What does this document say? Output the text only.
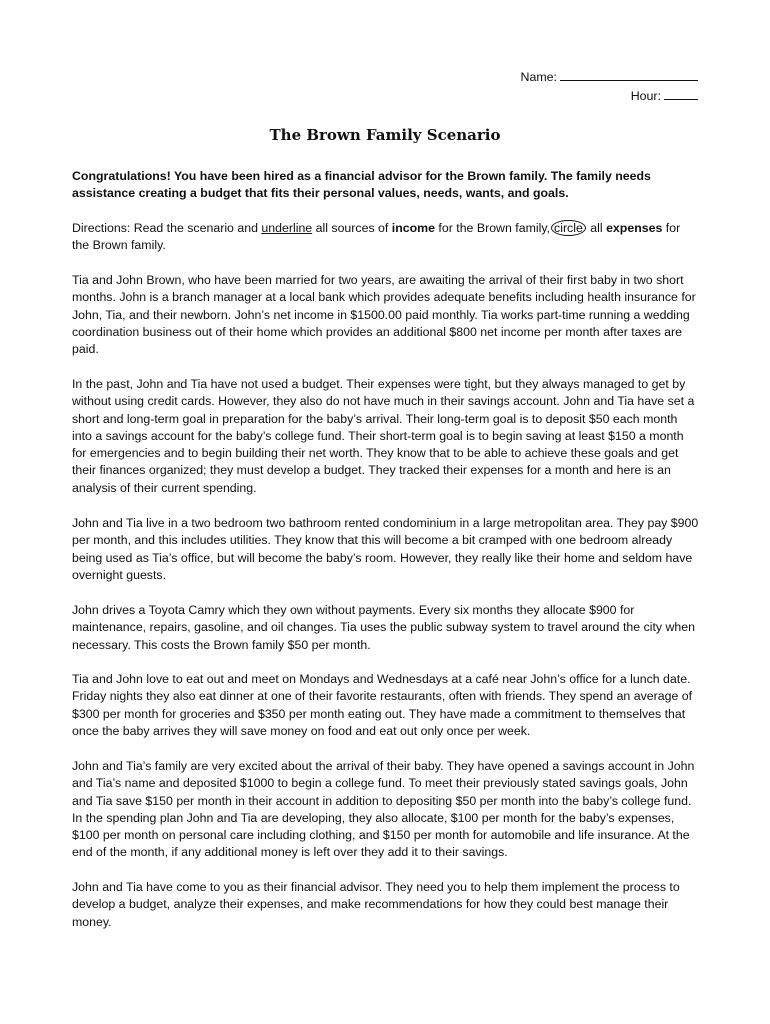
Name:
Hour:
The Brown Family Scenario

Congratulations! You have been hired as a financial advisor for the Brown family. The family needs assistance creating a budget that fits their personal values, needs, wants, and goals.

Directions: Read the scenario and underline all sources of income for the Brown family, circle all expenses for the Brown family.

Tia and John Brown, who have been married for two years, are awaiting the arrival of their first baby in two short months. John is a branch manager at a local bank which provides adequate benefits including health insurance for John, Tia, and their newborn. John’s net income in $1500.00 paid monthly. Tia works part-time running a wedding coordination business out of their home which provides an additional $800 net income per month after taxes are paid.

In the past, John and Tia have not used a budget. Their expenses were tight, but they always managed to get by without using credit cards. However, they also do not have much in their savings account. John and Tia have set a short and long-term goal in preparation for the baby’s arrival. Their long-term goal is to deposit $50 each month into a savings account for the baby’s college fund. Their short-term goal is to begin saving at least $150 a month for emergencies and to begin building their net worth. They know that to be able to achieve these goals and get their finances organized; they must develop a budget. They tracked their expenses for a month and here is an analysis of their current spending.

John and Tia live in a two bedroom two bathroom rented condominium in a large metropolitan area. They pay $900 per month, and this includes utilities. They know that this will become a bit cramped with one bedroom already being used as Tia’s office, but will become the baby’s room. However, they really like their home and seldom have overnight guests.

John drives a Toyota Camry which they own without payments. Every six months they allocate $900 for maintenance, repairs, gasoline, and oil changes. Tia uses the public subway system to travel around the city when necessary. This costs the Brown family $50 per month.

Tia and John love to eat out and meet on Mondays and Wednesdays at a café near John’s office for a lunch date. Friday nights they also eat dinner at one of their favorite restaurants, often with friends. They spend an average of $300 per month for groceries and $350 per month eating out. They have made a commitment to themselves that once the baby arrives they will save money on food and eat out only once per week.

John and Tia’s family are very excited about the arrival of their baby. They have opened a savings account in John and Tia’s name and deposited $1000 to begin a college fund. To meet their previously stated savings goals, John and Tia save $150 per month in their account in addition to depositing $50 per month into the baby’s college fund. In the spending plan John and Tia are developing, they also allocate, $100 per month for the baby’s expenses, $100 per month on personal care including clothing, and $150 per month for automobile and life insurance. At the end of the month, if any additional money is left over they add it to their savings.

John and Tia have come to you as their financial advisor. They need you to help them implement the process to develop a budget, analyze their expenses, and make recommendations for how they could best manage their money.
